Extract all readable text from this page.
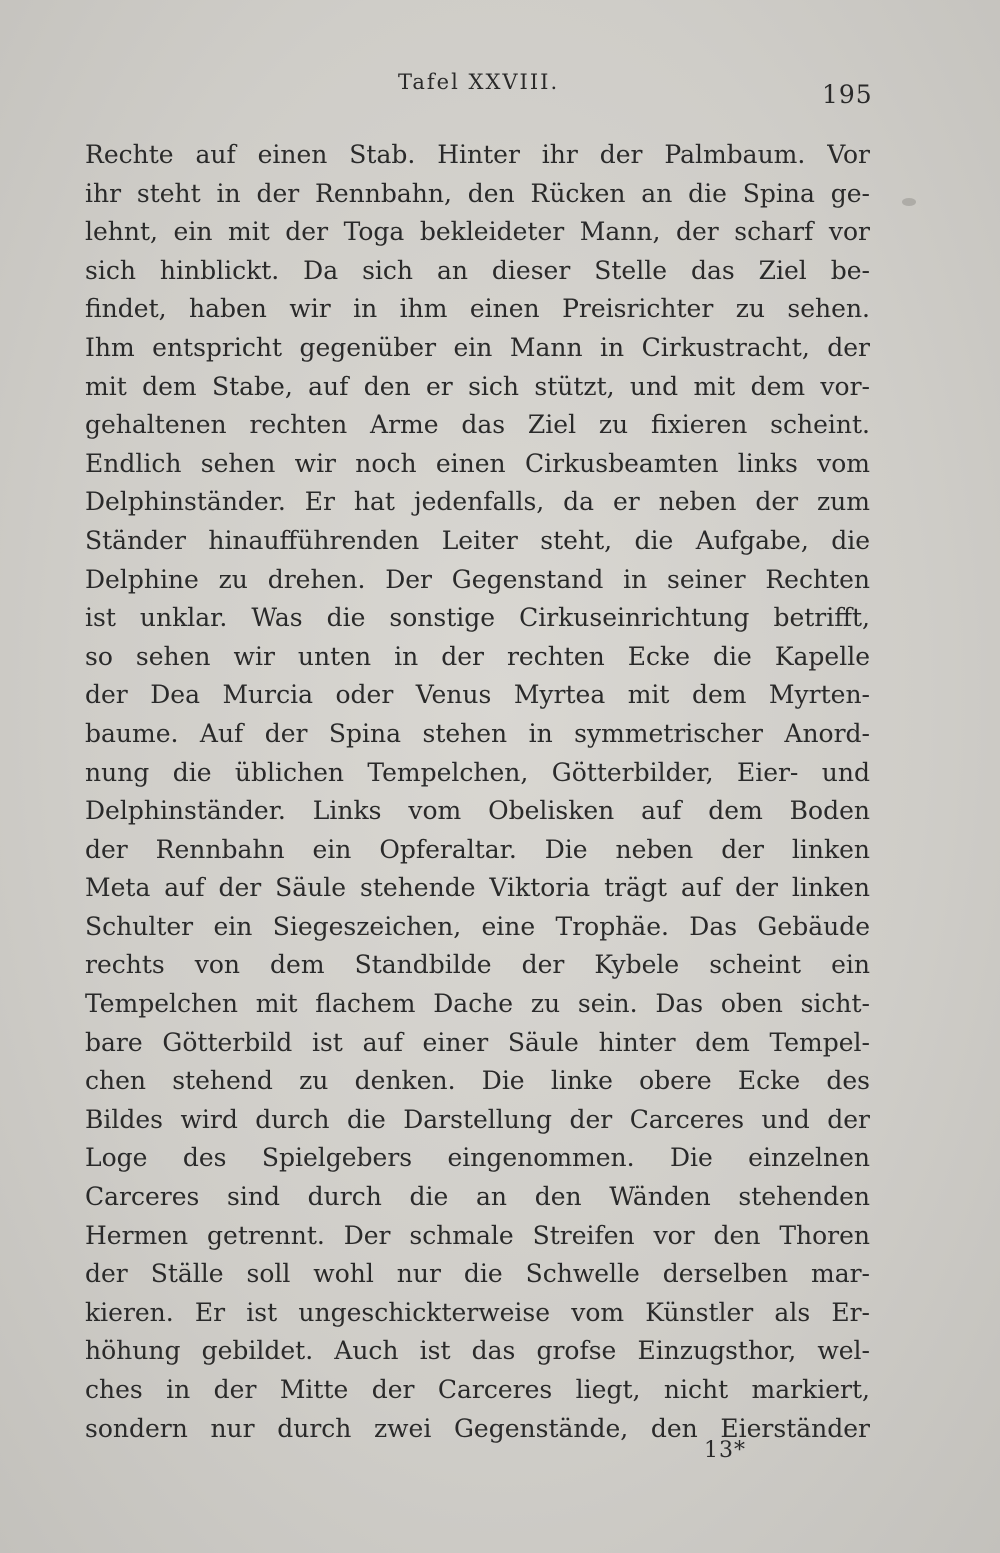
Tafel XXVIII.	195
Rechte auf einen Stab. Hinter ihr der Palmbaum. Vor
ihr steht in der Rennbahn, den Rücken an die Spina ge-
lehnt, ein mit der Toga bekleideter Mann, der scharf vor
sich hinblickt. Da sich an dieser Stelle das Ziel be-
findet, haben wir in ihm einen Preisrichter zu sehen.
Ihm entspricht gegenüber ein Mann in Cirkustracht, der
mit dem Stabe, auf den er sich stützt, und mit dem vor-
gehaltenen rechten Arme das Ziel zu fixieren scheint.
Endlich sehen wir noch einen Cirkusbeamten links vom
Delphinständer. Er hat jedenfalls, da er neben der zum
Ständer hinaufführenden Leiter steht, die Aufgabe, die
Delphine zu drehen. Der Gegenstand in seiner Rechten
ist unklar. Was die sonstige Cirkuseinrichtung betrifft,
so sehen wir unten in der rechten Ecke die Kapelle
der Dea Murcia oder Venus Myrtea mit dem Myrten-
baume. Auf der Spina stehen in symmetrischer Anord-
nung die üblichen Tempelchen, Götterbilder, Eier- und
Delphinständer. Links vom Obelisken auf dem Boden
der Rennbahn ein Opferaltar. Die neben der linken
Meta auf der Säule stehende Viktoria trägt auf der linken
Schulter ein Siegeszeichen, eine Trophäe. Das Gebäude
rechts von dem Standbilde der Kybele scheint ein
Tempelchen mit flachem Dache zu sein. Das oben sicht-
bare Götterbild ist auf einer Säule hinter dem Tempel-
chen stehend zu denken. Die linke obere Ecke des
Bildes wird durch die Darstellung der Carceres und der
Loge des Spielgebers eingenommen. Die einzelnen
Carceres sind durch die an den Wänden stehenden
Hermen getrennt. Der schmale Streifen vor den Thoren
der Ställe soll wohl nur die Schwelle derselben mar-
kieren. Er ist ungeschickterweise vom Künstler als Er-
höhung gebildet. Auch ist das grofse Einzugsthor, wel-
ches in der Mitte der Carceres liegt, nicht markiert,
sondern nur durch zwei Gegenstände, den Eierständer
13*
